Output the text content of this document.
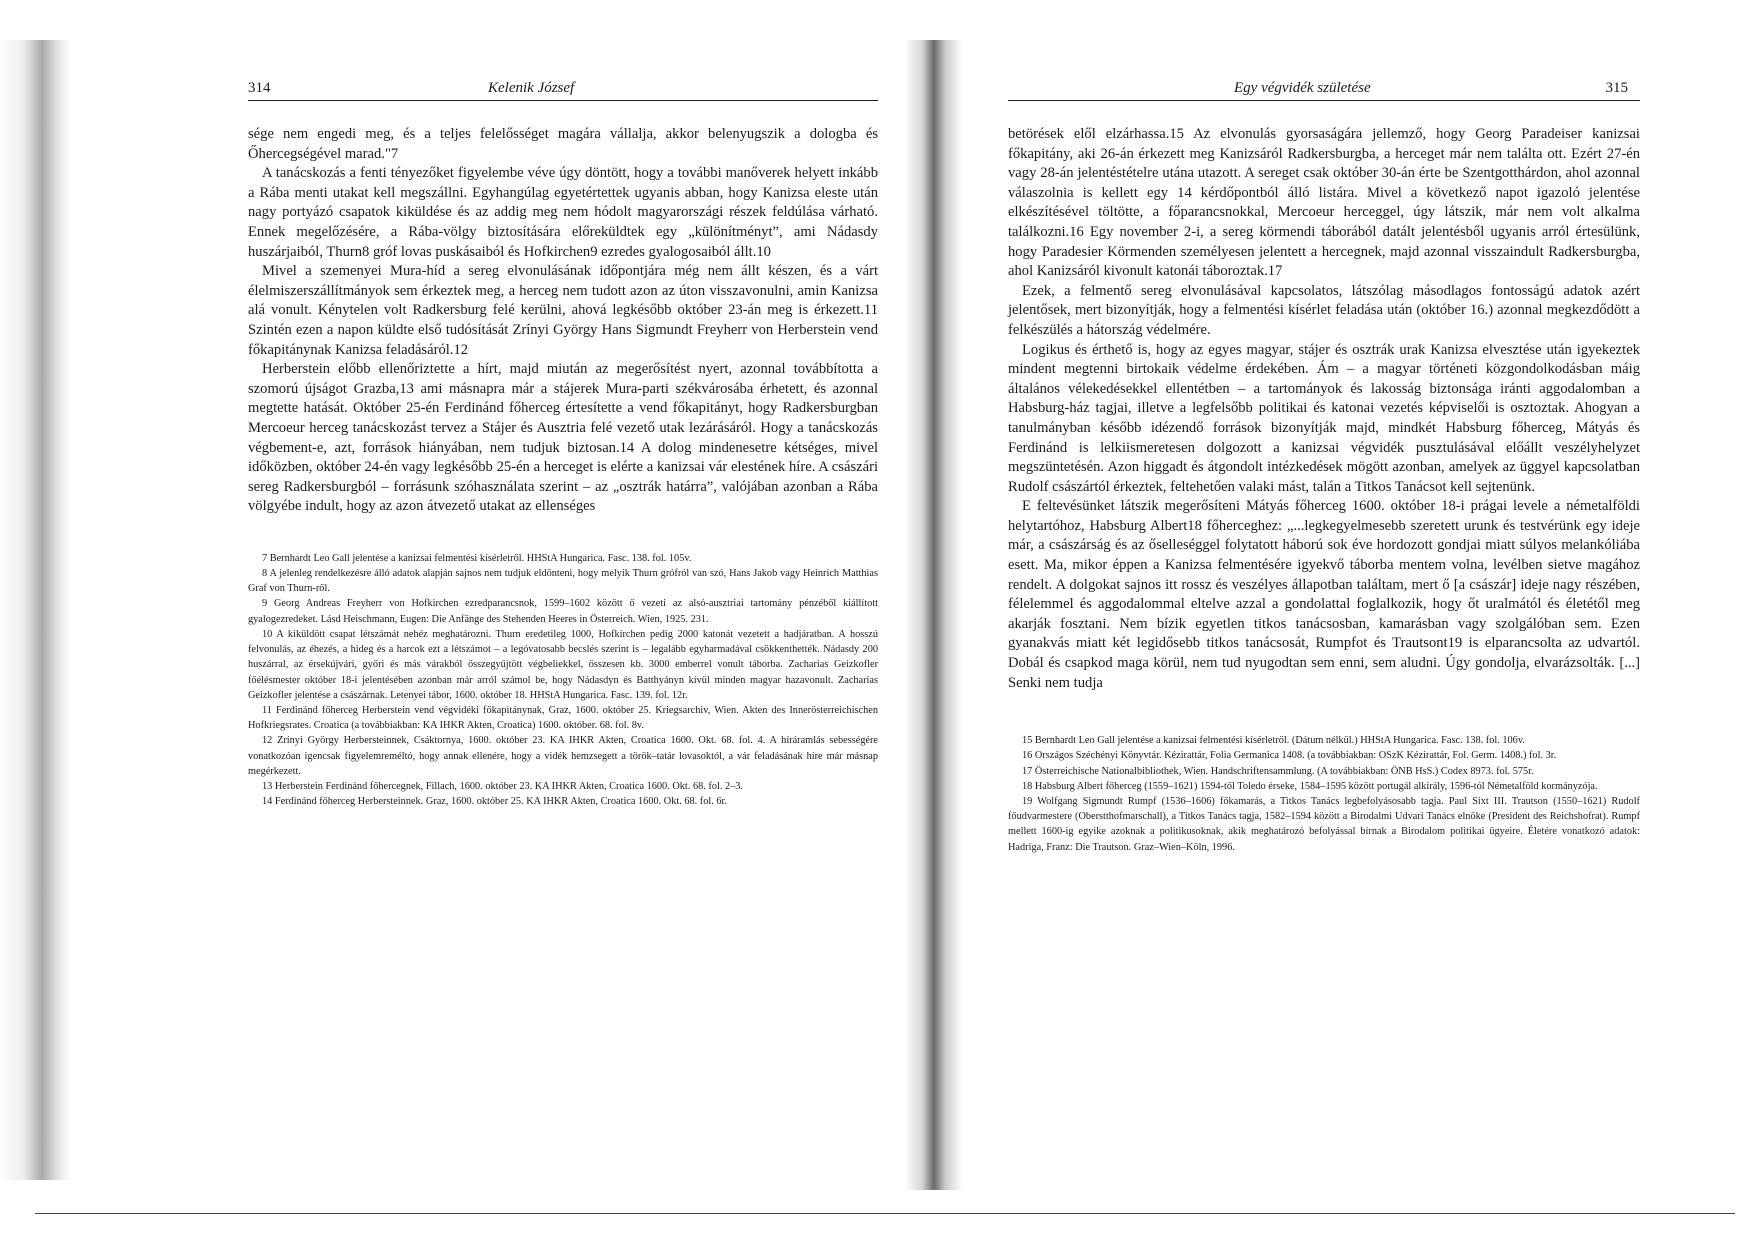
314	Kelenik József

sége nem engedi meg, és a teljes felelősséget magára vállalja, akkor belenyugszik a dologba és Őhercegségével marad."7

A tanácskozás a fenti tényezőket figyelembe véve úgy döntött, hogy a további manőverek helyett inkább a Rába menti utakat kell megszállni. Egyhangúlag egyetértettek ugyanis abban, hogy Kanizsa eleste után nagy portyázó csapatok kiküldése és az addig meg nem hódolt magyarországi részek feldúlása várható. Ennek megelőzésére, a Rába-völgy biztosítására előreküldtek egy „különítményt”, ami Nádasdy huszárjaiból, Thurn8 gróf lovas puskásaiból és Hofkirchen9 ezredes gyalogosaiból állt.10

Mivel a szemenyei Mura-híd a sereg elvonulásának időpontjára még nem állt készen, és a várt élelmiszerszállítmányok sem érkeztek meg, a herceg nem tudott azon az úton visszavonulni, amin Kanizsa alá vonult. Kénytelen volt Radkersburg felé kerülni, ahová legkésőbb október 23-án meg is érkezett.11 Szintén ezen a napon küldte első tudósítását Zrínyi György Hans Sigmundt Freyherr von Herberstein vend főkapitánynak Kanizsa feladásáról.12

Herberstein előbb ellenőriztette a hírt, majd miután az megerősítést nyert, azonnal továbbította a szomorú újságot Grazba,13 ami másnapra már a stájerek Mura-parti székvárosába érhetett, és azonnal megtette hatását. Október 25-én Ferdinánd főherceg értesítette a vend főkapitányt, hogy Radkersburgban Mercoeur herceg tanácskozást tervez a Stájer és Ausztria felé vezető utak lezárásáról. Hogy a tanácskozás végbement-e, azt, források hiányában, nem tudjuk biztosan.14 A dolog mindenesetre kétséges, mivel időközben, október 24-én vagy legkésőbb 25-én a herceget is elérte a kanizsai vár elestének híre. A császári sereg Radkersburgból – forrásunk szóhasználata szerint – az „osztrák határra”, valójában azonban a Rába völgyébe indult, hogy az azon átvezető utakat az ellenséges

7 Bernhardt Leo Gall jelentése a kanizsai felmentési kísérletről. HHStA Hungarica. Fasc. 138. fol. 105v.

8 A jelenleg rendelkezésre álló adatok alapján sajnos nem tudjuk eldönteni, hogy melyik Thurn grófról van szó, Hans Jakob vagy Heinrich Matthias Graf von Thurn-ről.

9 Georg Andreas Freyherr von Hofkirchen ezredparancsnok, 1599–1602 között ő vezeti az alsó-ausztriai tartomány pénzéből kiállított gyalogezredeket. Lásd Heischmann, Eugen: Die Anfänge des Stehenden Heeres in Österreich. Wien, 1925. 231.

10 A kiküldött csapat létszámát nehéz meghatározni. Thurn eredetileg 1000, Hofkirchen pedig 2000 katonát vezetett a hadjáratban. A hosszú felvonulás, az éhezés, a hideg és a harcok ezt a létszámot – a legóvatosabb becslés szerint is – legalább egyharmadával csökkenthették. Nádasdy 200 huszárral, az érsekújvári, győri és más várakból összegyűjtött végbeliekkel, összesen kb. 3000 emberrel vonult táborba. Zacharias Geizkofler főélésmester október 18-i jelentésében azonban már arról számol be, hogy Nádasdyn és Batthyányn kívül minden magyar hazavonult. Zacharias Geizkofler jelentése a császárnak. Letenyei tábor, 1600. október 18. HHStA Hungarica. Fasc. 139. fol. 12r.

11 Ferdinánd főherceg Herberstein vend végvidéki főkapitánynak, Graz, 1600. október 25. Kriegsarchiv, Wien. Akten des Innerösterreichischen Hofkriegsrates. Croatica (a továbbiakban: KA IHKR Akten, Croatica) 1600. október. 68. fol. 8v.

12 Zrínyi György Herbersteinnek, Csáktornya, 1600. október 23. KA IHKR Akten, Croatica 1600. Okt. 68. fol. 4. A híráramlás sebességére vonatkozóan igencsak figyelemreméltó, hogy annak ellenére, hogy a vidék hemzsegett a török–tatár lovasoktól, a vár feladásának híre már másnap megérkezett.

13 Herberstein Ferdinánd főhercegnek, Fillach, 1600. október 23. KA IHKR Akten, Croatica 1600. Okt. 68. fol. 2–3.

14 Ferdinánd főherceg Herbersteinnek. Graz, 1600. október 25. KA IHKR Akten, Croatica 1600. Okt. 68. fol. 6r.

Egy végvidék születése	315

betörések elől elzárhassa.15 Az elvonulás gyorsaságára jellemző, hogy Georg Paradeiser kanizsai főkapitány, aki 26-án érkezett meg Kanizsáról Radkersburgba, a herceget már nem találta ott. Ezért 27-én vagy 28-án jelentéstételre utána utazott. A sereget csak október 30-án érte be Szentgotthárdon, ahol azonnal válaszolnia is kellett egy 14 kérdőpontból álló listára. Mivel a következő napot igazoló jelentése elkészítésével töltötte, a főparancsnokkal, Mercoeur herceggel, úgy látszik, már nem volt alkalma találkozni.16 Egy november 2-i, a sereg körmendi táborából datált jelentésből ugyanis arról értesülünk, hogy Paradesier Körmenden személyesen jelentett a hercegnek, majd azonnal visszaindult Radkersburgba, ahol Kanizsáról kivonult katonái táboroztak.17

Ezek, a felmentő sereg elvonulásával kapcsolatos, látszólag másodlagos fontosságú adatok azért jelentősek, mert bizonyítják, hogy a felmentési kísérlet feladása után (október 16.) azonnal megkezdődött a felkészülés a hátország védelmére.

Logikus és érthető is, hogy az egyes magyar, stájer és osztrák urak Kanizsa elvesztése után igyekeztek mindent megtenni birtokaik védelme érdekében. Ám – a magyar történeti közgondolkodásban máig általános vélekedésekkel ellentétben – a tartományok és lakosság biztonsága iránti aggodalomban a Habsburg-ház tagjai, illetve a legfelsőbb politikai és katonai vezetés képviselői is osztoztak. Ahogyan a tanulmányban később idézendő források bizonyítják majd, mindkét Habsburg főherceg, Mátyás és Ferdinánd is lelkiismeretesen dolgozott a kanizsai végvidék pusztulásával előállt veszélyhelyzet megszüntetésén. Azon higgadt és átgondolt intézkedések mögött azonban, amelyek az üggyel kapcsolatban Rudolf császártól érkeztek, feltehetően valaki mást, talán a Titkos Tanácsot kell sejtenünk.

E feltevésünket látszik megerősíteni Mátyás főherceg 1600. október 18-i prágai levele a németalföldi helytartóhoz, Habsburg Albert18 főherceghez: „...legkegyelmesebb szeretett urunk és testvérünk egy ideje már, a császárság és az őselleséggel folytatott háború sok éve hordozott gondjai miatt súlyos melankóliába esett. Ma, mikor éppen a Kanizsa felmentésére igyekvő táborba mentem volna, levélben sietve magához rendelt. A dolgokat sajnos itt rossz és veszélyes állapotban találtam, mert ő [a császár] ideje nagy részében, félelemmel és aggodalommal eltelve azzal a gondolattal foglalkozik, hogy őt uralmától és életétől meg akarják fosztani. Nem bízik egyetlen titkos tanácsosban, kamarásban vagy szolgálóban sem. Ezen gyanakvás miatt két legidősebb titkos tanácsosát, Rumpfot és Trautsont19 is elparancsolta az udvartól. Dobál és csapkod maga körül, nem tud nyugodtan sem enni, sem aludni. Úgy gondolja, elvarázsolták. [...] Senki nem tudja

15 Bernhardt Leo Gall jelentése a kanizsai felmentési kísérletről. (Dátum nélkül.) HHStA Hungarica. Fasc. 138. fol. 106v.

16 Országos Széchényi Könyvtár. Kézirattár, Folia Germanica 1408. (a továbbiakban: OSzK Kézirattár, Fol. Germ. 1408.) fol. 3r.

17 Österreichische Nationalbibliothek, Wien. Handschriftensammlung. (A továbbiakban: ÖNB HsS.) Codex 8973. fol. 575r.

18 Habsburg Albert főherceg (1559–1621) 1594-től Toledo érseke, 1584–1595 között portugál alkirály, 1596-tól Németalföld kormányzója.

19 Wolfgang Sigmundt Rumpf (1536–1606) főkamarás, a Titkos Tanács legbefolyásosabb tagja. Paul Sixt III. Trautson (1550–1621) Rudolf főudvarmestere (Oberstthofmarschall), a Titkos Tanács tagja, 1582–1594 között a Birodalmi Udvari Tanács elnöke (President des Reichshofrat). Rumpf mellett 1600-ig egyike azoknak a politikusoknak, akik meghatározó befolyással bírnak a Birodalom politikai ügyeire. Életére vonatkozó adatok: Hadriga, Franz: Die Trautson. Graz–Wien–Köln, 1996.
